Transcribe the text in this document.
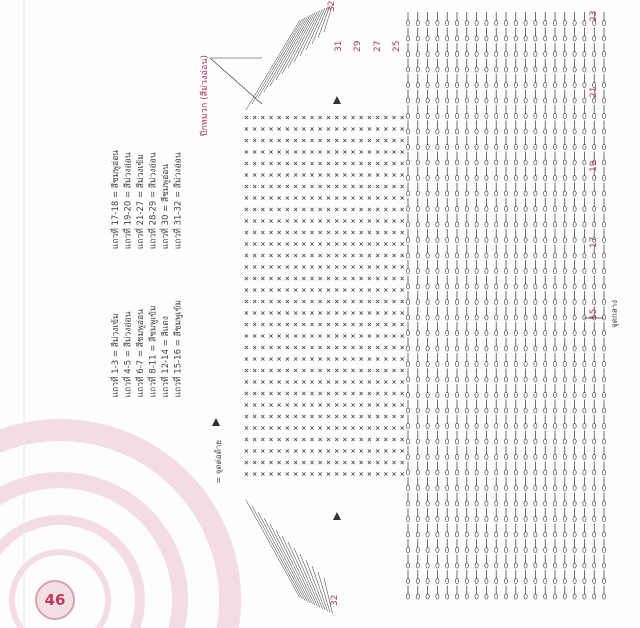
×
×
×
×
×
×
×
×
×
×
×
×
×
×
×
×
×
×
×
×
×
×
×
×
×
×
×
×
×
×
×
×
×
×
×
×
×
×
×
×
×
×
×
×
×
×
×
×
×
×
×
×
×
×
×
×
×
×
×
×
×
×
×
×
×
×
×
×
×
×
×
×
×
×
×
×
×
×
×
×
×
×
×
×
×
×
×
×
×
×
×
×
×
×
×
×
×
×
×
×
×
×
×
×
×
×
×
×
×
×
×
×
×
×
×
×
×
×
×
×
×
×
×
×
×
×
×
×
×
×
×
×
×
×
×
×
×
×
×
×
×
×
×
×
×
×
×
×
×
×
×
×
×
×
×
×
×
×
×
×
×
×
×
×
×
×
×
×
×
×
×
×
×
×
×
×
×
×
×
×
×
×
×
×
×
×
×
×
×
×
×
×
×
×
×
×
×
×
×
×
×
×
×
×
×
×
×
×
×
×
×
×
×
×
×
×
×
×
×
×
×
×
×
×
×
×
×
×
×
×
×
×
×
×
×
×
×
×
×
×
×
×
×
×
×
×
×
×
×
×
×
×
×
×
×
×
×
×
×
×
×
×
×
×
×
×
×
×
×
×
×
×
×
×
×
×
×
×
×
×
×
×
×
×
×
×
×
×
×
×
×
×
×
×
×
×
×
×
×
×
×
×
×
×
×
×
×
×
×
×
×
×
×
×
×
×
×
×
×
×
×
×
×
×
×
×
×
×
×
×
×
×
×
×
×
×
×
×
×
×
×
×
×
×
×
×
×
×
×
×
×
×
×
×
×
×
×
×
×
×
×
×
×
×
×
×
×
×
×
×
×
×
×
×
×
×
×
×
×
×
×
×
×
×
×
×
×
×
×
×
×
×
×
×
×
×
×
×
×
×
×
×
×
×
×
×
×
×
×
×
×
×
×
×
×
×
×
×
×
×
×
×
×
×
×
×
×
×
×
×
×
×
×
×
×
×
×
×
×
×
×
×
×
×
×
×
×
×
×
×
×
×
×
×
×
×
×
×
×
×
×
×
×
×
×
×
×
×
×
×
×
×
×
×
×
×
×
×
×
×
×
×
×
×
×
×
×
×
×
×
×
×
×
×
×
×
×
×
×
×
×
×
×
×
×
×
×
×
×
×
×
×
×
×
×
×
×
×
×
×
×
×
×
×
×
×
×
×
×
×
×
×
×
×
×
×
×
×
×
×
×
×
×
×
×
×
×
×
×
×
×
×
×
×
×
×
×
×
×
×
×
×
×
×
×
×
×
×
×
×
×
×
×
×
×
×
×
×
×
×
×
×
×
×
×
×
×
×
×
×
×
×
×
×
×
×
×
×
×
×
×
×
×
×
×
×
×
×
×
×
×
×
×
×
×
×
×
×
×
×
×
×
×
×
×
×
×
×
×
×
×
×
×
×
×
×
×
×
×
×
23
21
19
17
15
32
31 29 27 25
32
แถวที่ 1-3 = สีม่วงเข้ม แถวที่ 4-5 = สีม่วงอ่อน แถวที่ 6-7 = สีชมพูอ่อน แถวที่ 8-11 = สีชมพูเข้ม แถวที่ 12-14 = สีแดง แถวที่ 15-16 = สีชมพูเข้ม
แถวที่ 17-18 = สีชมพูอ่อน แถวที่ 19-20 = สีม่วงอ่อน แถวที่ 21-27 = สีม่วงเข้ม แถวที่ 28-29 = สีม่วงอ่อน แถวที่ 30 = สีชมพูอ่อน แถวที่ 31-32 = สีม่วงอ่อน
ปีกหมวก (สีม่วงอ่อน)
จุดกลาง
= จุดต่อด้าย
46
